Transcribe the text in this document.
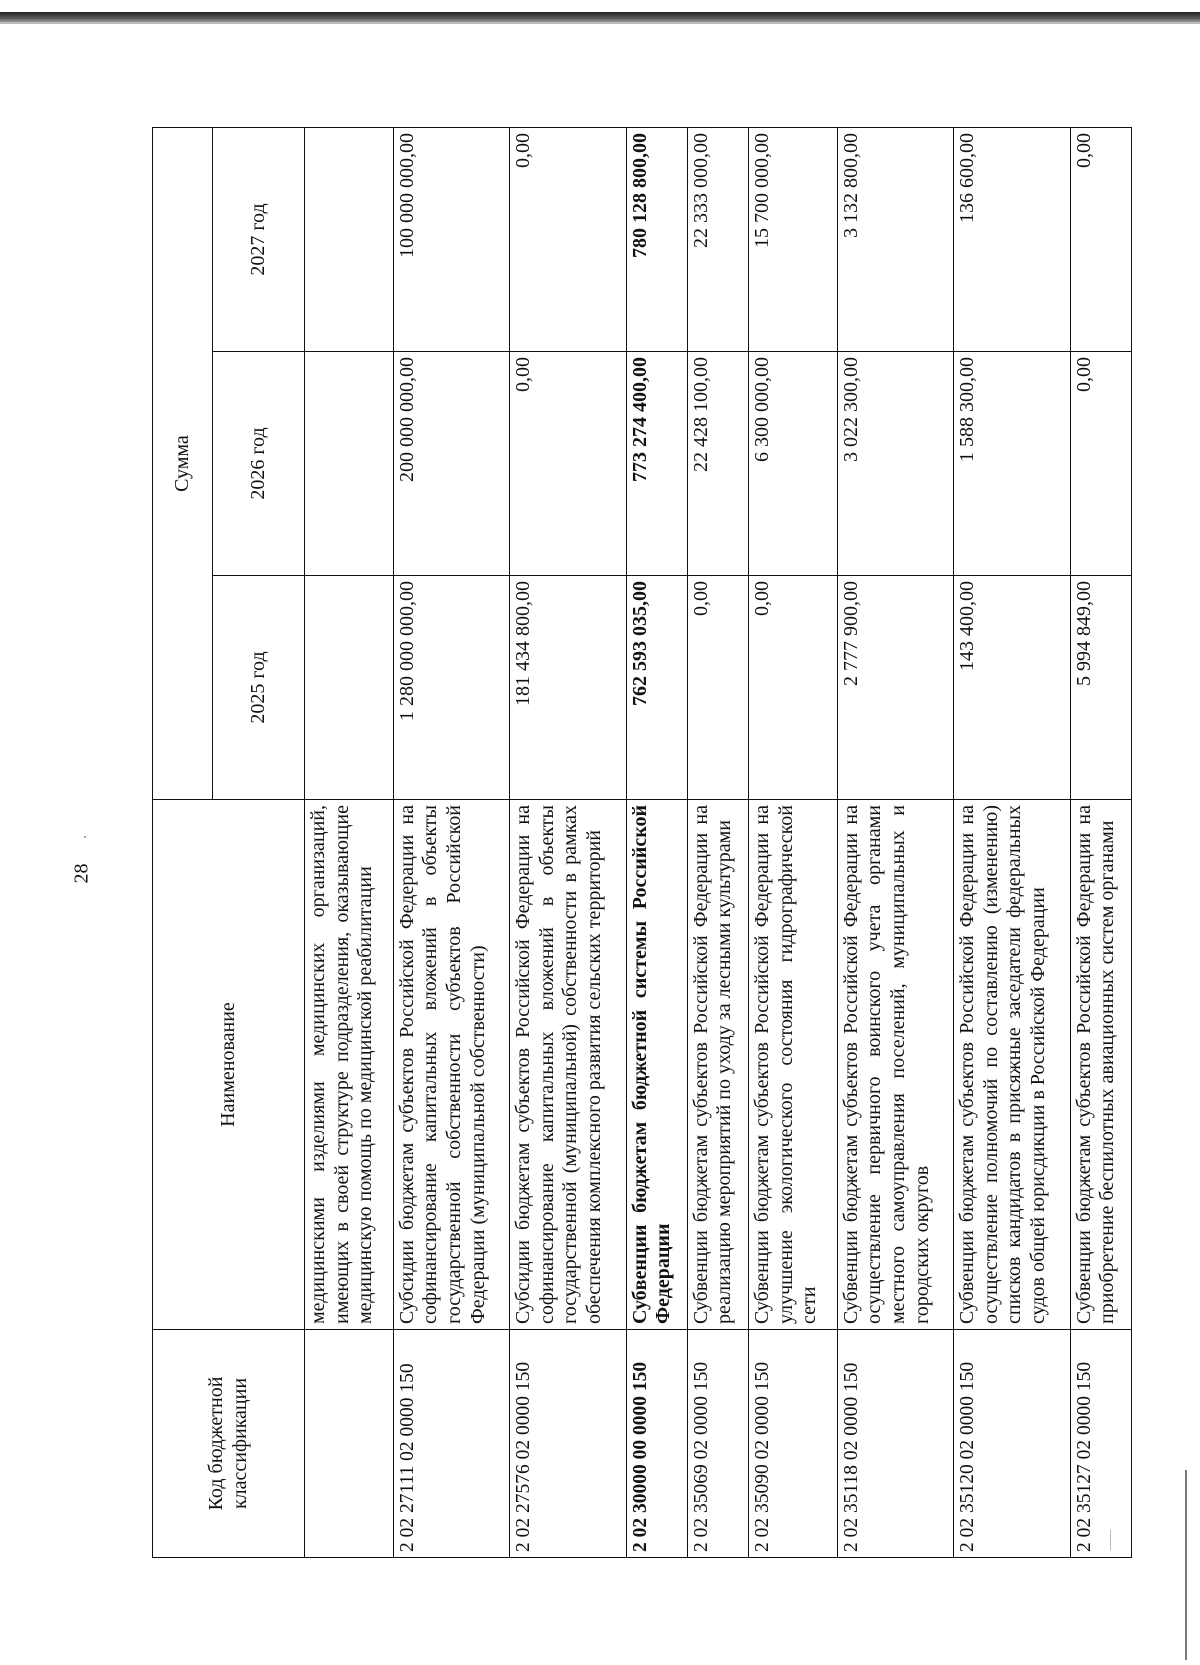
28
Код бюджетной классификации	Наименование	Сумма		
		2025 год	2026 год	2027 год
	медицинскими изделиями медицинских организаций, имеющих в своей структуре подразделения, оказывающие медицинскую помощь по медицинской реабилитации			
2 02 27111 02 0000 150	Субсидии бюджетам субъектов Российской Федерации на софинансирование капитальных вложений в объекты государственной собственности субъектов Российской Федерации (муниципальной собственности)	1 280 000 000,00	200 000 000,00	100 000 000,00
2 02 27576 02 0000 150	Субсидии бюджетам субъектов Российской Федерации на софинансирование капитальных вложений в объекты государственной (муниципальной) собственности в рамках обеспечения комплексного развития сельских территорий	181 434 800,00	0,00	0,00
2 02 30000 00 0000 150	Субвенции бюджетам бюджетной системы Российской Федерации	762 593 035,00	773 274 400,00	780 128 800,00
2 02 35069 02 0000 150	Субвенции бюджетам субъектов Российской Федерации на реализацию мероприятий по уходу за лесными культурами	0,00	22 428 100,00	22 333 000,00
2 02 35090 02 0000 150	Субвенции бюджетам субъектов Российской Федерации на улучшение экологического состояния гидрографической сети	0,00	6 300 000,00	15 700 000,00
2 02 35118 02 0000 150	Субвенции бюджетам субъектов Российской Федерации на осуществление первичного воинского учета органами местного самоуправления поселений, муниципальных и городских округов	2 777 900,00	3 022 300,00	3 132 800,00
2 02 35120 02 0000 150	Субвенции бюджетам субъектов Российской Федерации на осуществление полномочий по составлению (изменению) списков кандидатов в присяжные заседатели федеральных судов общей юрисдикции в Российской Федерации	143 400,00	1 588 300,00	136 600,00
2 02 35127 02 0000 150	Субвенции бюджетам субъектов Российской Федерации на приобретение беспилотных авиационных систем органами	5 994 849,00	0,00	0,00
